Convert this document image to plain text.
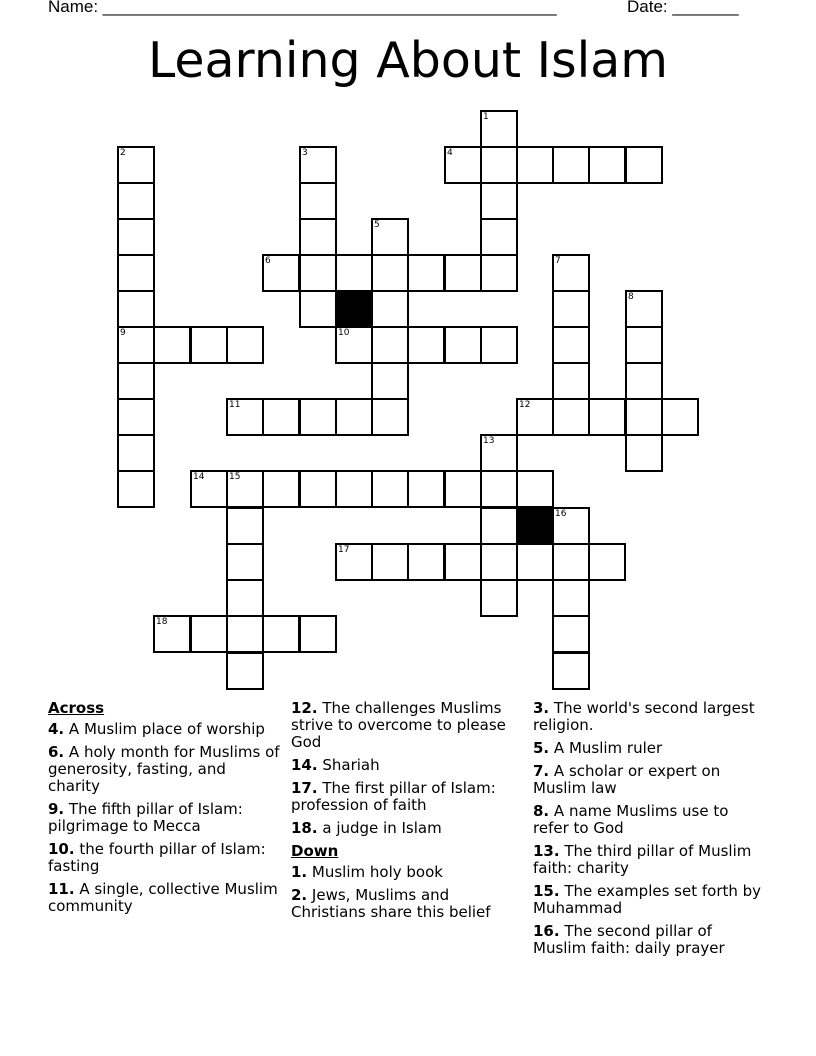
Name: ________________________________________________	Date: _______
Learning About Islam
1
2
9
3	4
5
6	7
8
10
11	12
13
14	15
16
17
18
Across
4. A Muslim place of worship
6. A holy month for Muslims of generosity, fasting, and charity
9. The fifth pillar of Islam: pilgrimage to Mecca
10. the fourth pillar of Islam: fasting
11. A single, collective Muslim community
12. The challenges Muslims strive to overcome to please God
14. Shariah
17. The first pillar of Islam: profession of faith
18. a judge in Islam
Down
1. Muslim holy book
2. Jews, Muslims and Christians share this belief
3. The world's second largest religion.
5. A Muslim ruler
7. A scholar or expert on Muslim law
8. A name Muslims use to refer to God
13. The third pillar of Muslim faith: charity
15. The examples set forth by Muhammad
16. The second pillar of Muslim faith: daily prayer
